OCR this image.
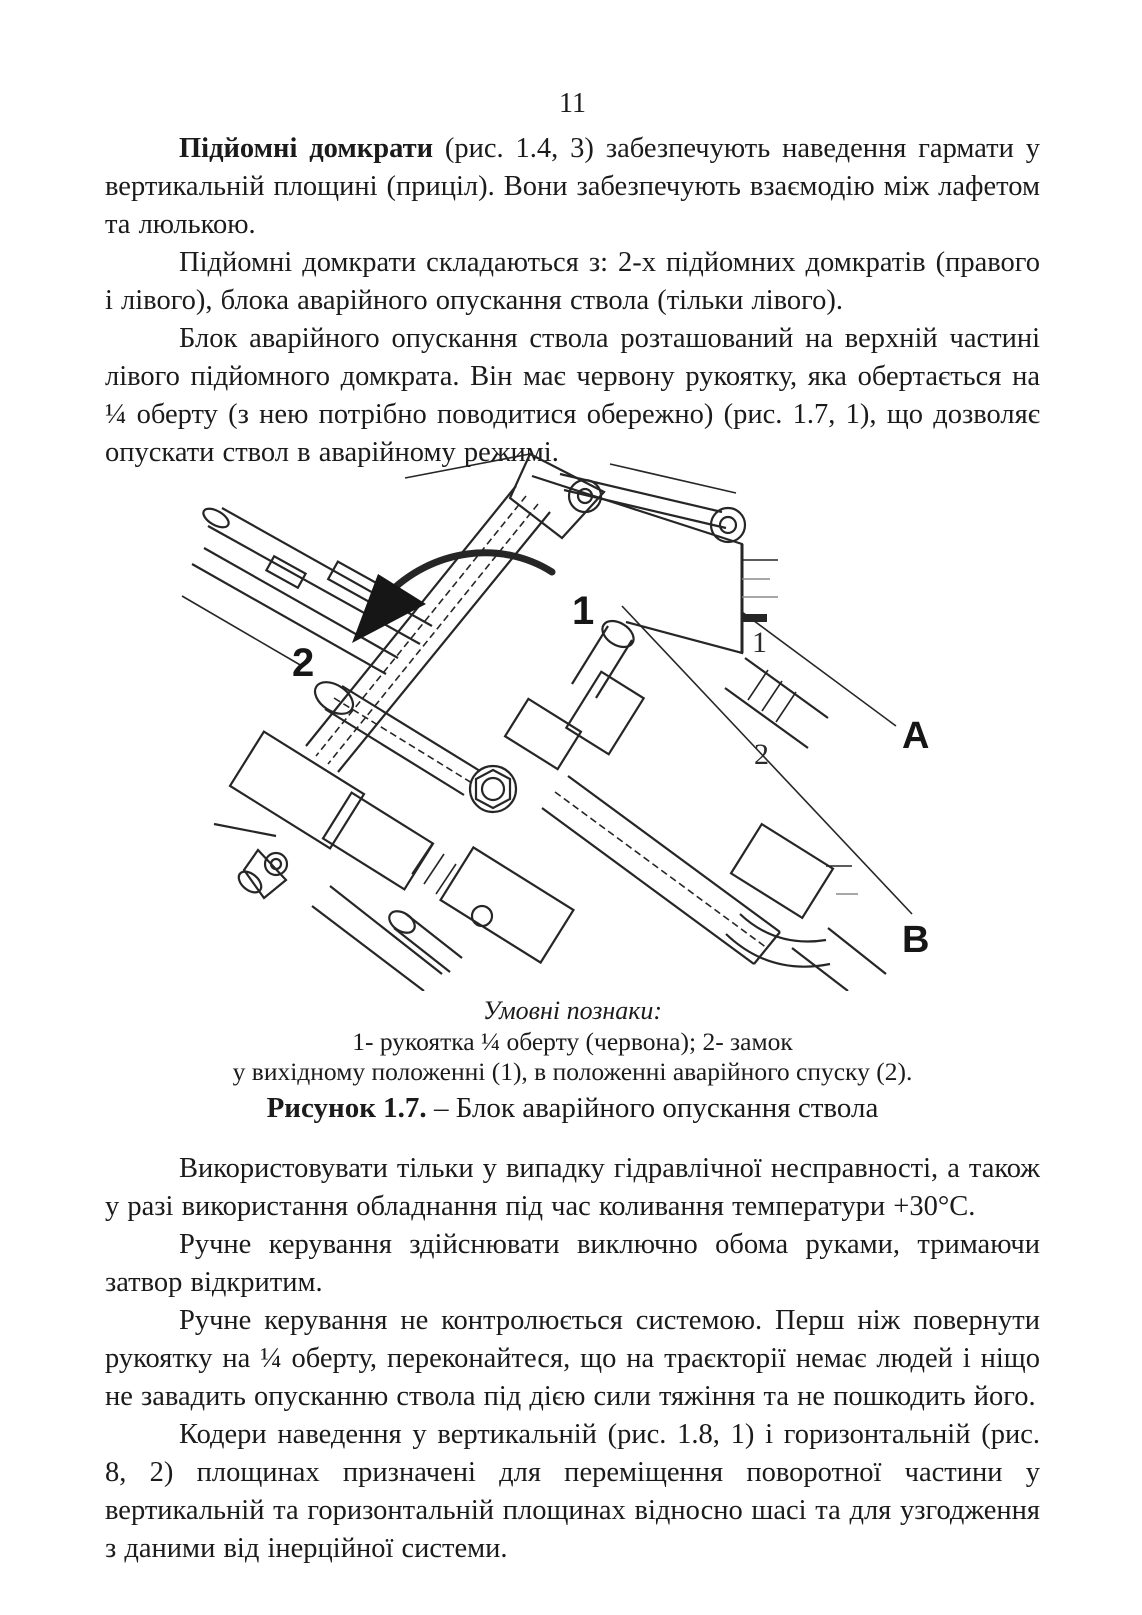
11

Підйомні домкрати (рис. 1.4, 3) забезпечують наведення гармати у вертикальній площині (приціл). Вони забезпечують взаємодію між лафетом та люлькою.

Підйомні домкрати складаються з: 2-х підйомних домкратів (правого і лівого), блока аварійного опускання ствола (тільки лівого).

Блок аварійного опускання ствола розташований на верхній частині лівого підйомного домкрата. Він має червону рукоятку, яка обертається на ¼ оберту (з нею потрібно поводитися обережно) (рис. 1.7, 1), що дозволяє опускати ствол в аварійному режимі.

1
2	1
2	A
B
Умовні познаки:
1- рукоятка ¼ оберту (червона); 2- замок
у вихідному положенні (1), в положенні аварійного спуску (2).
Рисунок 1.7. – Блок аварійного опускання ствола

Використовувати тільки у випадку гідравлічної несправності, а також у разі використання обладнання під час коливання температури +30°С.

Ручне керування здійснювати виключно обома руками, тримаючи затвор відкритим.

Ручне керування не контролюється системою. Перш ніж повернути рукоятку на ¼ оберту, переконайтеся, що на траєкторії немає людей і ніщо не завадить опусканню ствола під дією сили тяжіння та не пошкодить його.

Кодери наведення у вертикальній (рис. 1.8, 1) і горизонтальній (рис. 8, 2) площинах призначені для переміщення поворотної частини у вертикальній та горизонтальній площинах відносно шасі та для узгодження з даними від інерційної системи.
